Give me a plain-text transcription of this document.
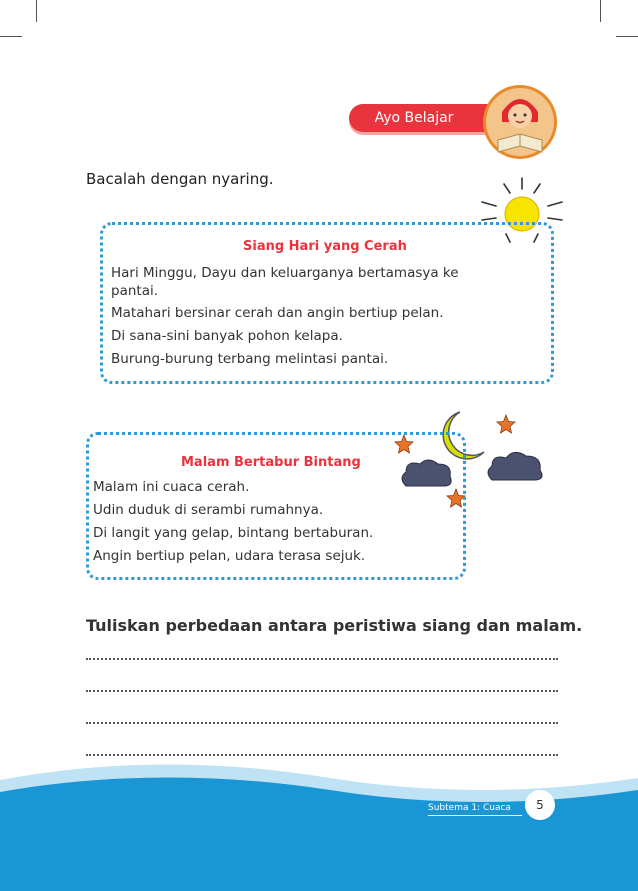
Ayo Belajar
Bacalah dengan nyaring.
Siang Hari yang Cerah
Hari Minggu, Dayu dan keluarganya bertamasya ke
pantai.
Matahari bersinar cerah dan angin bertiup pelan.
Di sana-sini banyak pohon kelapa.
Burung-burung terbang melintasi pantai.
Malam Bertabur Bintang
Malam ini cuaca cerah.
Udin duduk di serambi rumahnya.
Di langit yang gelap, bintang bertaburan.
Angin bertiup pelan, udara terasa sejuk.
Tuliskan perbedaan antara peristiwa siang dan malam.
Subtema 1: Cuaca	5
